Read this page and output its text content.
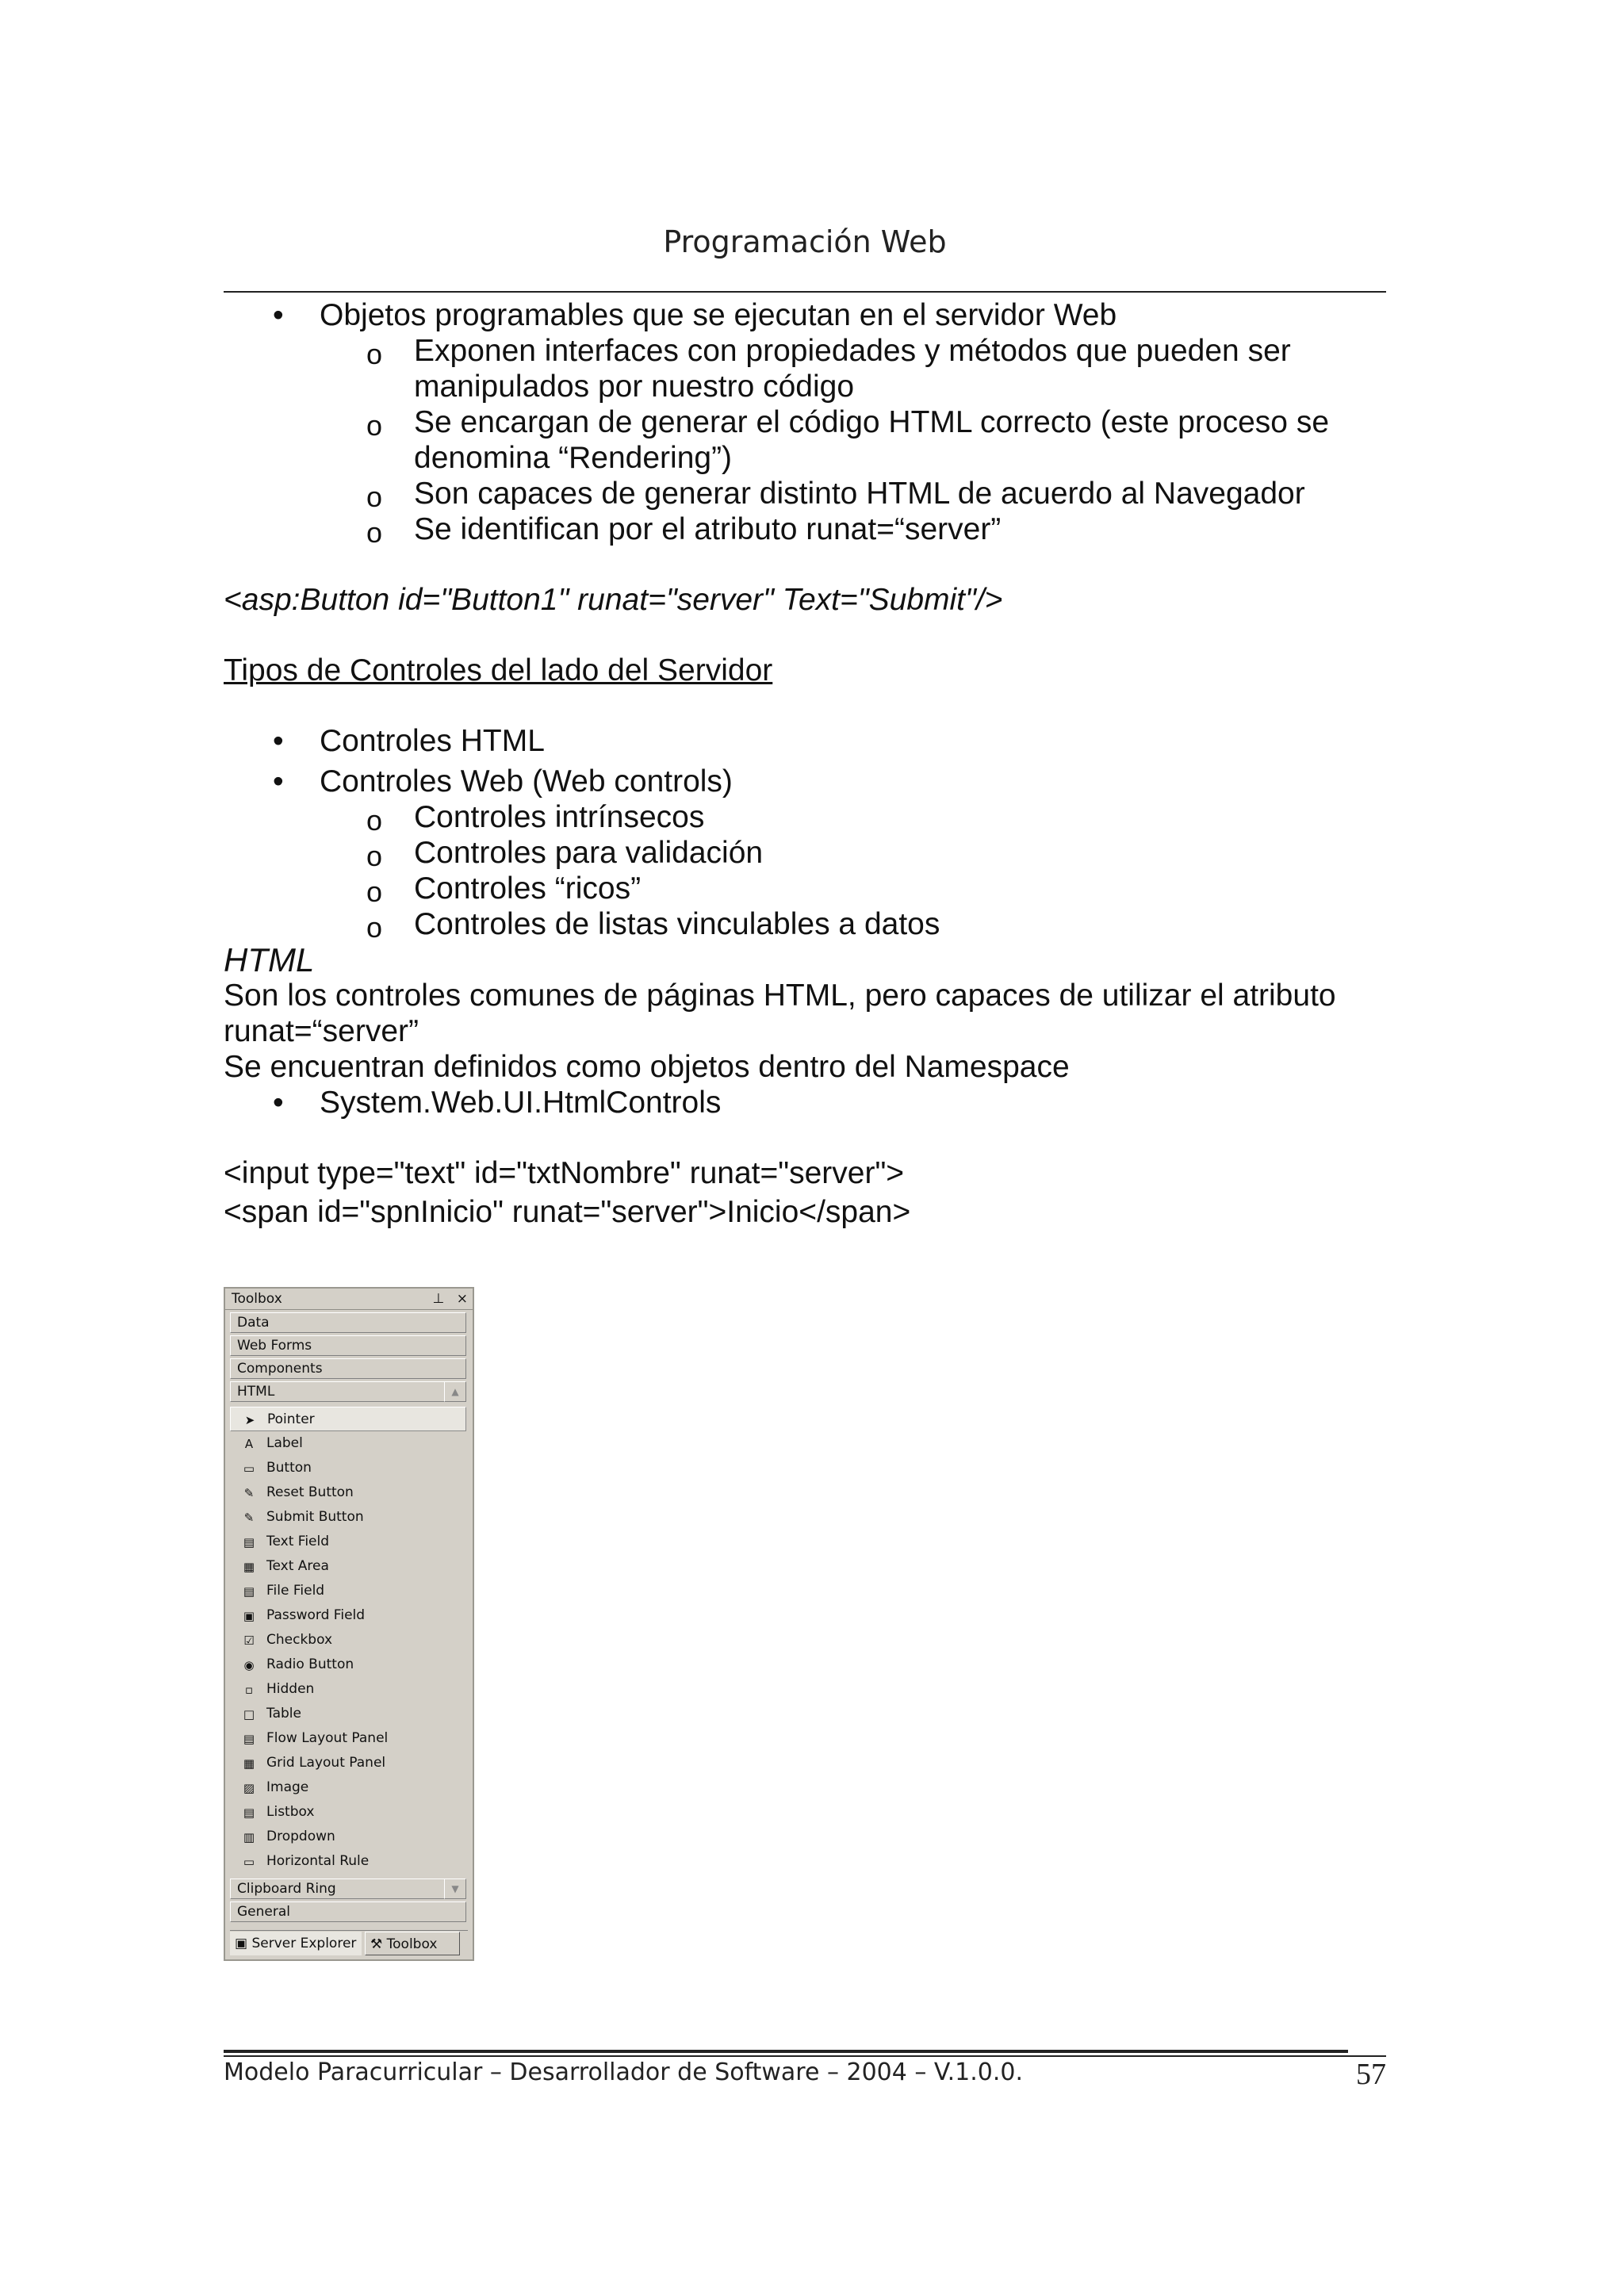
Programación Web
• Objetos programables que se ejecutan en el servidor Web
o Exponen interfaces con propiedades y métodos que pueden ser manipulados por nuestro código
o Se encargan de generar el código HTML correcto (este proceso se denomina “Rendering”)
o Son capaces de generar distinto HTML de acuerdo al Navegador
o Se identifican por el atributo runat=“server”

<asp:Button id="Button1" runat="server" Text="Submit"/>

Tipos de Controles del lado del Servidor

• Controles HTML
• Controles Web (Web controls)
o Controles intrínsecos
o Controles para validación
o Controles “ricos”
o Controles de listas vinculables a datos

HTML

Son los controles comunes de páginas HTML, pero capaces de utilizar el atributo runat=“server”

Se encuentran definidos como objetos dentro del Namespace

• System.Web.UI.HtmlControls

<input type="text" id="txtNombre" runat="server">

<span id="spnInicio" runat="server">Inicio</span>

Toolbox	⊥ ×
Data
Web Forms
Components
HTML	▲
➤ Pointer
A Label
▭ Button
✎ Reset Button
✎ Submit Button
▤ Text Field
▦ Text Area
▤ File Field
▣ Password Field
☑ Checkbox
◉ Radio Button
▫ Hidden
□ Table
▤ Flow Layout Panel
▦ Grid Layout Panel
▨ Image
▤ Listbox
▥ Dropdown
▭ Horizontal Rule
Clipboard Ring	▼
General
▣ Server Explorer	⚒ Toolbox
Modelo Paracurricular – Desarrollador de Software – 2004 – V.1.0.0.	57
